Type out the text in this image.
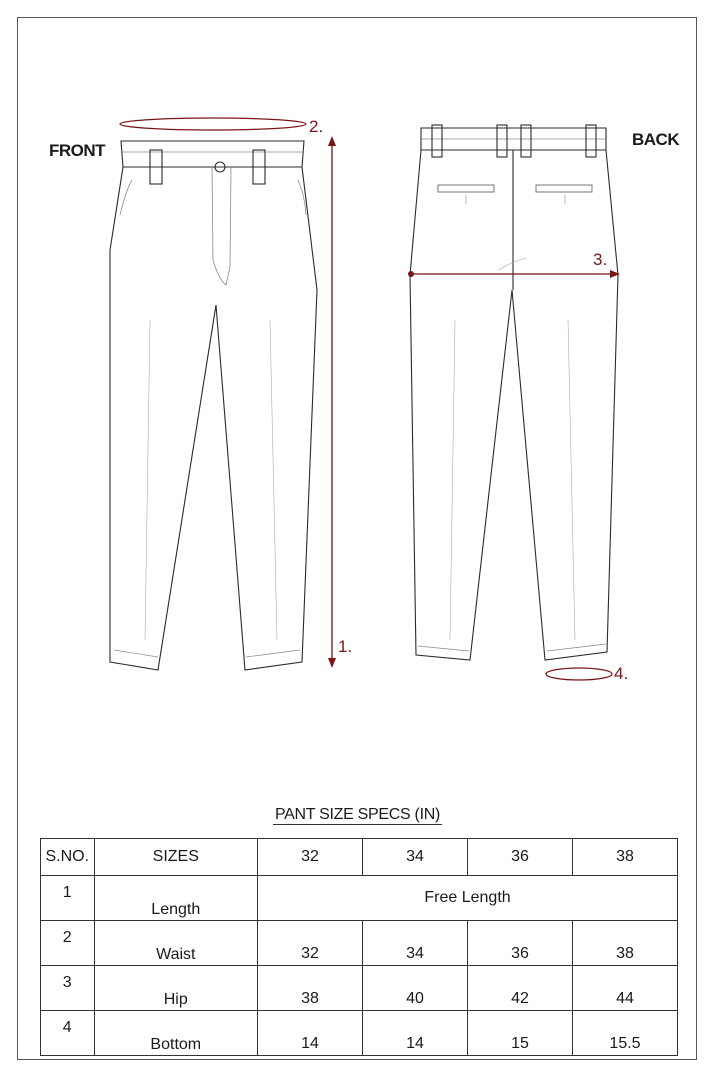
FRONT
BACK
1.
2.
3.
4.
PANT SIZE SPECS (IN)
S.NO.	SIZES	32	34	36	38
1	Length	Free Length			
2	Waist	32	34	36	38
3	Hip	38	40	42	44
4	Bottom	14	14	15	15.5
